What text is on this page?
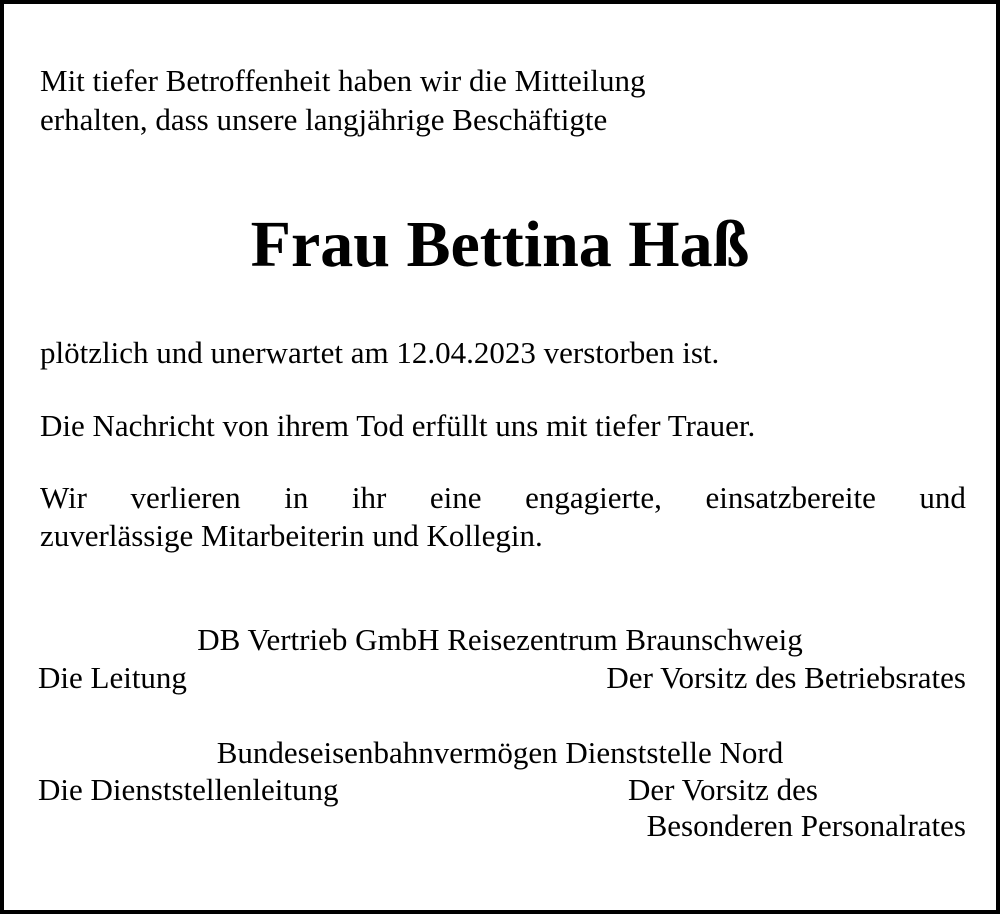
Mit tiefer Betroffenheit haben wir die Mitteilung
erhalten, dass unsere langjährige Beschäftigte
Frau Bettina Haß
plötzlich und unerwartet am 12.04.2023 verstorben ist.
Die Nachricht von ihrem Tod erfüllt uns mit tiefer Trauer.
Wir verlieren in ihr eine engagierte, einsatzbereite und
zuverlässige Mitarbeiterin und Kollegin.
DB Vertrieb GmbH Reisezentrum Braunschweig
Die Leitung	Der Vorsitz des Betriebsrates
Bundeseisenbahnvermögen Dienststelle Nord
Die Dienststellenleitung	Der Vorsitz des
Besonderen Personalrates
